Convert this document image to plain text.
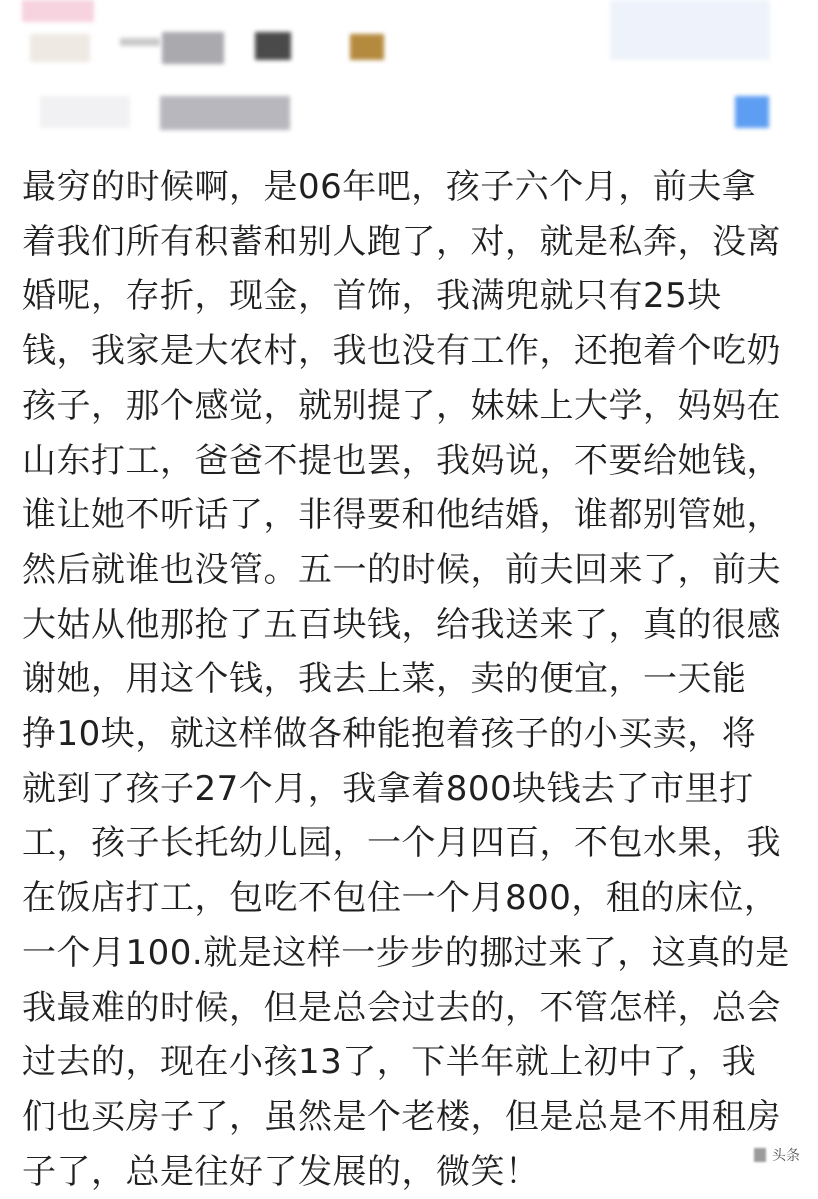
最穷的时候啊，是06年吧，孩子六个月，前夫拿
着我们所有积蓄和别人跑了，对，就是私奔，没离
婚呢，存折，现金，首饰，我满兜就只有25块
钱，我家是大农村，我也没有工作，还抱着个吃奶
孩子，那个感觉，就别提了，妹妹上大学，妈妈在
山东打工，爸爸不提也罢，我妈说，不要给她钱，
谁让她不听话了，非得要和他结婚，谁都别管她，
然后就谁也没管。五一的时候，前夫回来了，前夫
大姑从他那抢了五百块钱，给我送来了，真的很感
谢她，用这个钱，我去上菜，卖的便宜，一天能
挣10块，就这样做各种能抱着孩子的小买卖，将
就到了孩子27个月，我拿着800块钱去了市里打
工，孩子长托幼儿园，一个月四百，不包水果，我
在饭店打工，包吃不包住一个月800，租的床位，
一个月100.就是这样一步步的挪过来了，这真的是
我最难的时候，但是总会过去的，不管怎样，总会
过去的，现在小孩13了，下半年就上初中了，我
们也买房子了，虽然是个老楼，但是总是不用租房
子了，总是往好了发展的，微笑！	头条
